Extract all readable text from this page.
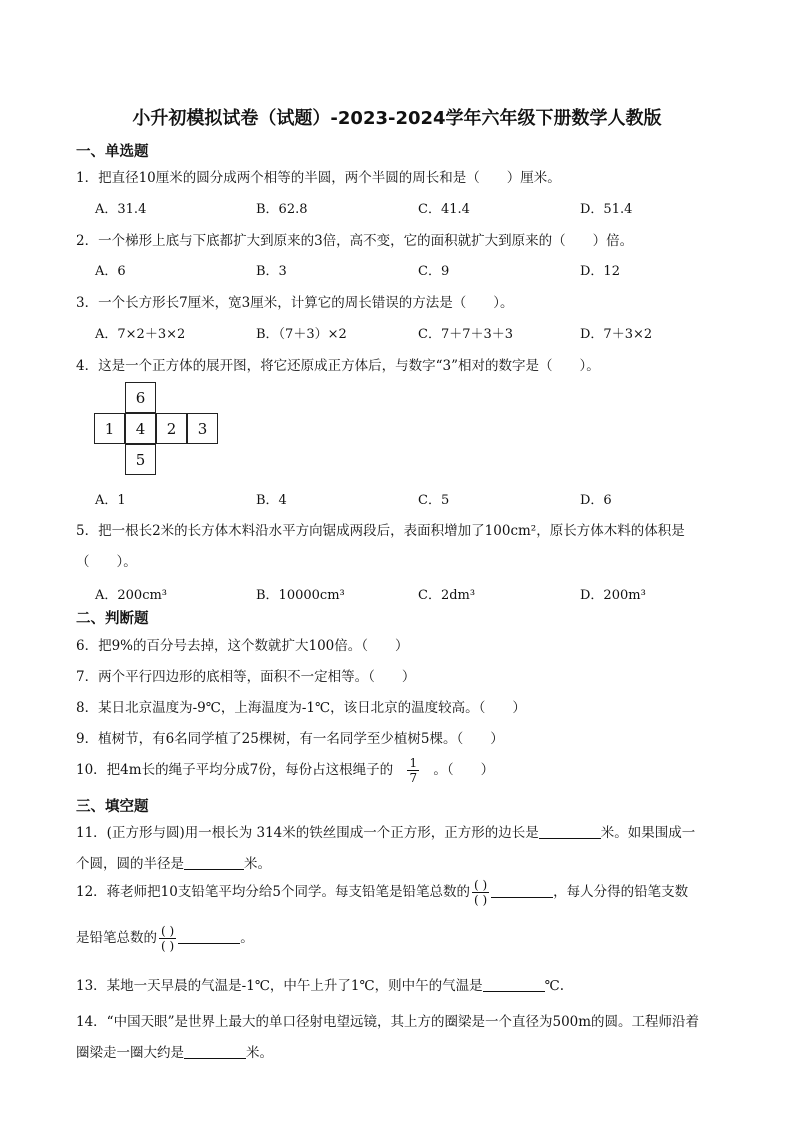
小升初模拟试卷（试题）-2023-2024学年六年级下册数学人教版
一、单选题
1．把直径10厘米的圆分成两个相等的半圆，两个半圆的周长和是（　　）厘米。
A．31.4	B．62.8	C．41.4	D．51.4
2．一个梯形上底与下底都扩大到原来的3倍，高不变，它的面积就扩大到原来的（　　）倍。
A．6	B．3	C．9	D．12
3．一个长方形长7厘米，宽3厘米，计算它的周长错误的方法是（　　）。
A．7×2＋3×2	B．（7＋3）×2	C．7＋7＋3＋3	D．7＋3×2
4．这是一个正方体的展开图，将它还原成正方体后，与数字“3”相对的数字是（　　）。
6
1	4	2	3
5
A．1	B．4	C．5	D．6
5．把一根长2米的长方体木料沿水平方向锯成两段后，表面积增加了100cm²，原长方体木料的体积是
（　　）。
A．200cm³	B．10000cm³	C．2dm³	D．200m³
二、判断题
6．把9%的百分号去掉，这个数就扩大100倍。（　　）
7．两个平行四边形的底相等，面积不一定相等。（　　）
8．某日北京温度为-9℃，上海温度为-1℃，该日北京的温度较高。（　　）
9．植树节，有6名同学植了25棵树，有一名同学至少植树5棵。（　　）
10．把4m长的绳子平均分成7份，每份占这根绳子的 $\frac{1}{7}$ 。（　　）
三、填空题
11．(正方形与圆)用一根长为 314米的铁丝围成一个正方形，正方形的边长是	米。如果围成一
个圆，圆的半径是	米。
12．蒋老师把10支铅笔平均分给5个同学。每支铅笔是铅笔总数的 $\frac{( )}{( )}$	，每人分得的铅笔支数
是铅笔总数的 $\frac{( )}{( )}$	。
13．某地一天早晨的气温是-1℃，中午上升了1℃，则中午的气温是	℃.
14．“中国天眼”是世界上最大的单口径射电望远镜，其上方的圈梁是一个直径为500m的圆。工程师沿着
圈梁走一圈大约是	米。
